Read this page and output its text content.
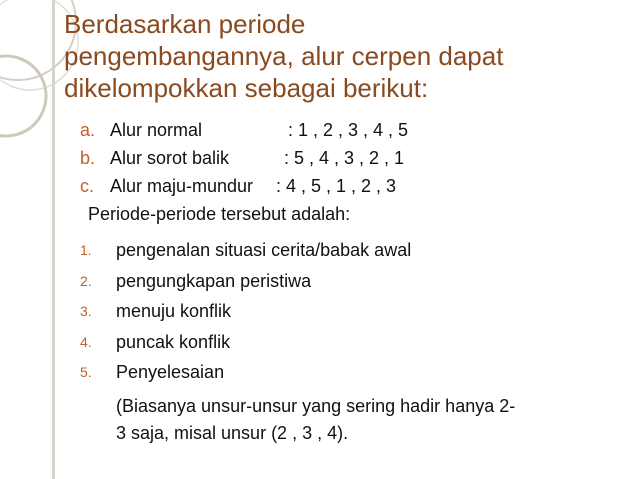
Berdasarkan periode
pengembangannya, alur cerpen dapat
dikelompokkan sebagai berikut:
a. Alur normal	: 1 , 2 , 3 , 4 , 5
b. Alur sorot balik	: 5 , 4 , 3 , 2 , 1
c. Alur maju-mundur : 4 , 5 , 1 , 2 , 3
Periode-periode tersebut adalah:
1. pengenalan situasi cerita/babak awal
2. pengungkapan peristiwa
3. menuju konflik
4. puncak konflik
5. Penyelesaian
(Biasanya unsur-unsur yang sering hadir hanya 2-
3 saja, misal unsur (2 , 3 , 4).
